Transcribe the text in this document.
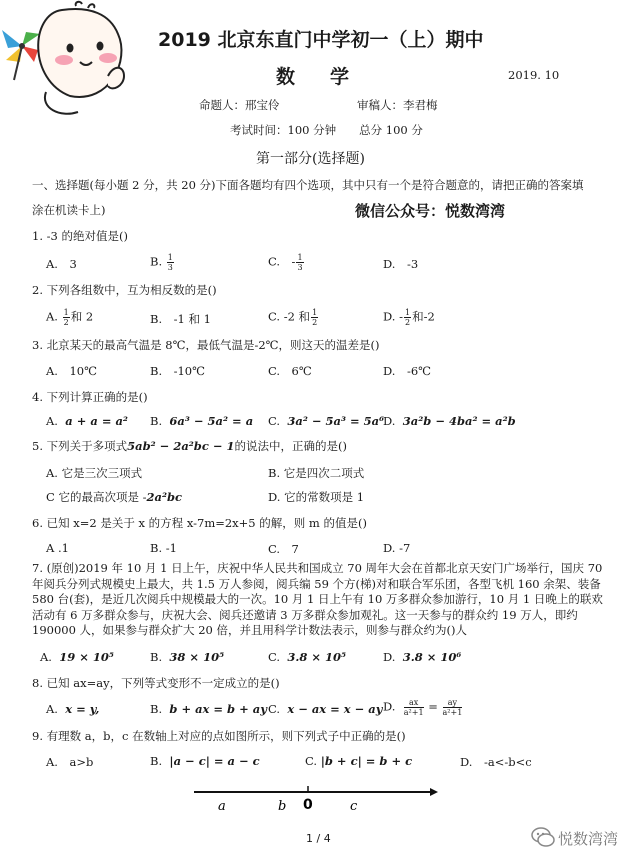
2019 北京东直门中学初一（上）期中
数　学	2019. 10
命题人：邢宝伶	审稿人：李君梅
考试时间：100 分钟　　总分 100 分
第一部分(选择题)
一、选择题(每小题 2 分，共 20 分)下面各题均有四个选项，其中只有一个是符合题意的，请把正确的答案填
涂在机读卡上)	微信公众号：悦数湾湾
1. -3 的绝对值是()
A.　3	B. $\frac{1}{3}$	C.　- $\frac{1}{3}$	D.　-3
2. 下列各组数中，互为相反数的是()
A. $\frac{1}{2}$ 和 2	B.　-1 和 1	C. -2 和 $\frac{1}{2}$	D. - $\frac{1}{2}$ 和-2
3. 北京某天的最高气温是 8℃，最低气温是-2℃，则这天的温差是()
A.　10℃	B.　-10℃	C.　6℃	D.　-6℃
4. 下列计算正确的是()
A. a + a = a² B. 6a³ − 5a² = a C. 3a² − 5a³ = 5a⁶
D. 3a²b − 4ba² = a²b
5. 下列关于多项式5ab² − 2a²bc − 1的说法中，正确的是()
A. 它是三次三项式	B. 它是四次二项式
C 它的最高次项是 -2a²bc	D. 它的常数项是 1
6. 已知 x=2 是关于 x 的方程 x-7m=2x+5 的解，则 m 的值是()
A .1	B. -1	C.　7	D. -7
7. (原创)2019 年 10 月 1 日上午，庆祝中华人民共和国成立 70 周年大会在首都北京天安门广场举行，国庆 70 年阅兵分列式规模史上最大，共 1.5 万人参阅，阅兵编 59 个方(梯)对和联合军乐团，各型飞机 160 余架、装备 580 台(套)，是近几次阅兵中规模最大的一次。10 月 1 日上午有 10 万多群众参加游行，10 月 1 日晚上的联欢活动有 6 万多群众参与，庆祝大会、阅兵还邀请 3 万多群众参加观礼。这一天参与的群众约 19 万人，即约 190000 人，如果参与群众扩大 20 倍，并且用科学计数法表示，则参与群众约为()人
A. 19 × 10⁵	B. 38 × 10⁵	C. 3.8 × 10⁵	D. 3.8 × 10⁶
8. 已知 ax=ay，下列等式变形不一定成立的是()
A. x = y,	B. b + ax = b + ay C. x − ax = x − ay D. $\frac{ax}{\text{a²+1}} = \frac{ay}{\text{a²+1}}$
9. 有理数 a，b，c 在数轴上对应的点如图所示，则下列式子中正确的是()
A.　a>b	B. |a − c| = a − c	C. |b + c| = b + c	D.　-a<-b<c
a	b 0	c
1 / 4	悦数湾湾
